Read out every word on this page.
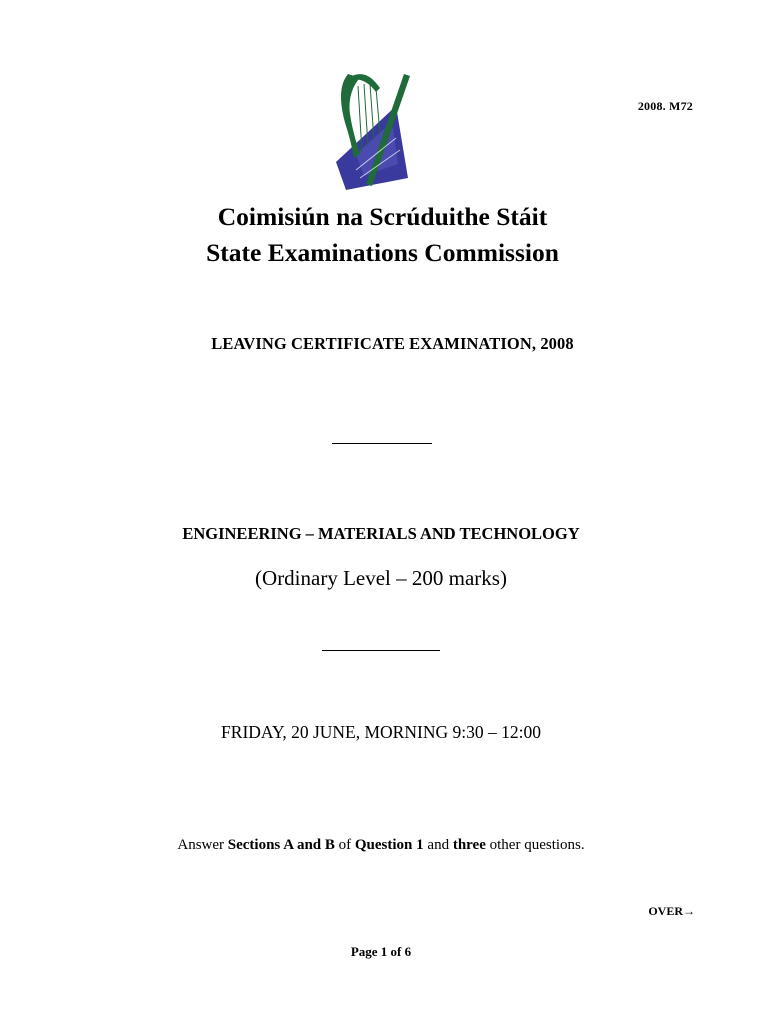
2008. M72
Coimisiún na Scrúduithe Stáit
State Examinations Commission
LEAVING CERTIFICATE EXAMINATION, 2008
ENGINEERING – MATERIALS AND TECHNOLOGY
(Ordinary Level – 200 marks)
FRIDAY, 20 JUNE, MORNING 9:30 – 12:00
Answer Sections A and B of Question 1 and three other questions.
OVER→
Page 1 of 6
